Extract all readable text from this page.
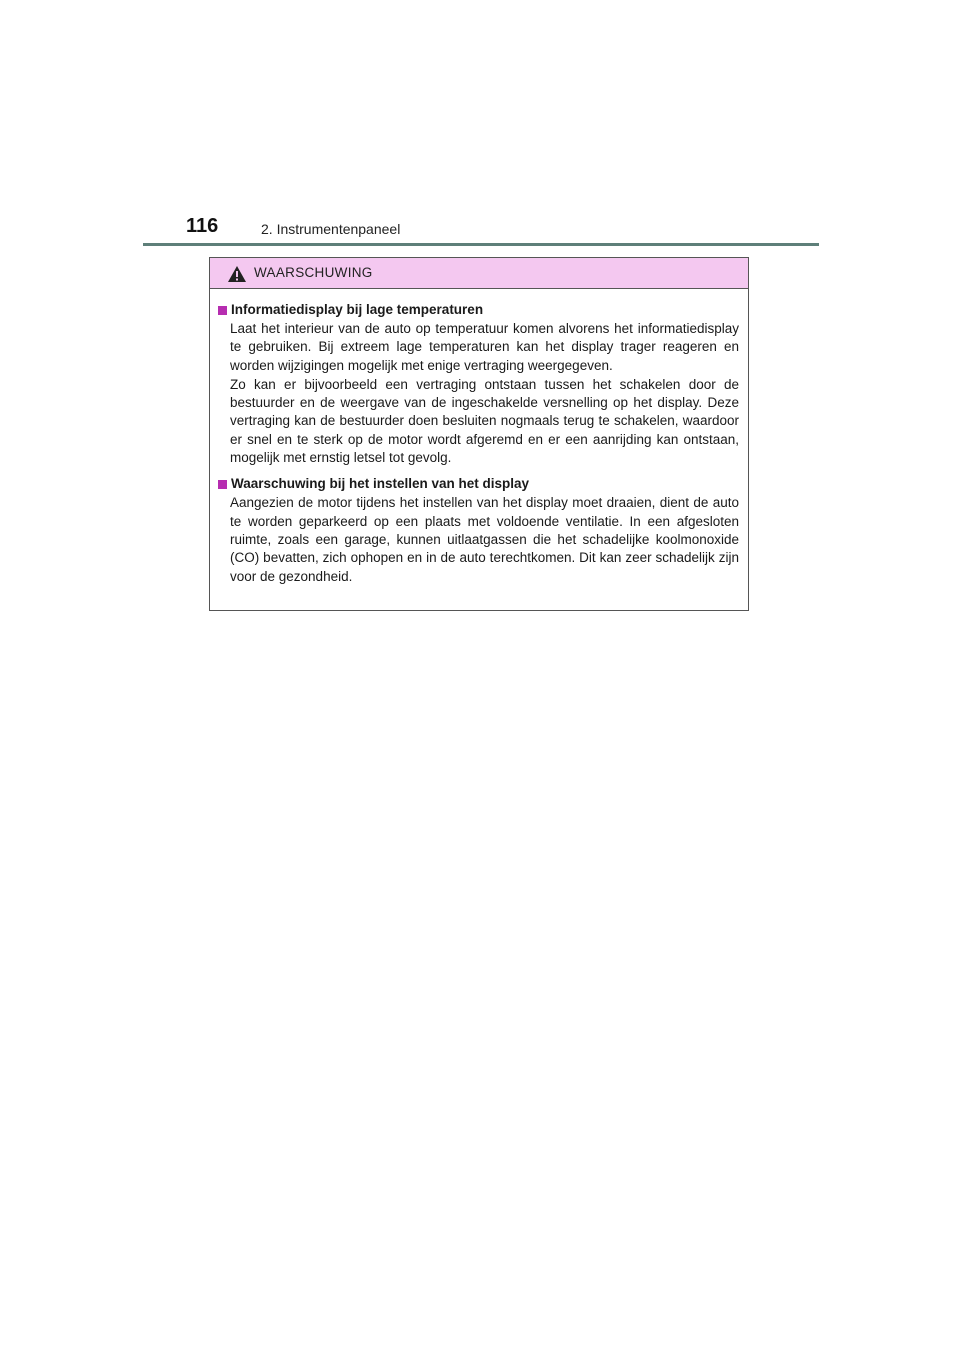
116	2. Instrumentenpaneel
WAARSCHUWING
Informatiedisplay bij lage temperaturen

Laat het interieur van de auto op temperatuur komen alvorens het informatiedisplay te gebruiken. Bij extreem lage temperaturen kan het display trager reageren en worden wijzigingen mogelijk met enige vertraging weergegeven.

Zo kan er bijvoorbeeld een vertraging ontstaan tussen het schakelen door de bestuurder en de weergave van de ingeschakelde versnelling op het display. Deze vertraging kan de bestuurder doen besluiten nogmaals terug te schakelen, waardoor er snel en te sterk op de motor wordt afgeremd en er een aanrijding kan ontstaan, mogelijk met ernstig letsel tot gevolg.

Waarschuwing bij het instellen van het display

Aangezien de motor tijdens het instellen van het display moet draaien, dient de auto te worden geparkeerd op een plaats met voldoende ventilatie. In een afgesloten ruimte, zoals een garage, kunnen uitlaatgassen die het schadelijke koolmonoxide (CO) bevatten, zich ophopen en in de auto terechtkomen. Dit kan zeer schadelijk zijn voor de gezondheid.
